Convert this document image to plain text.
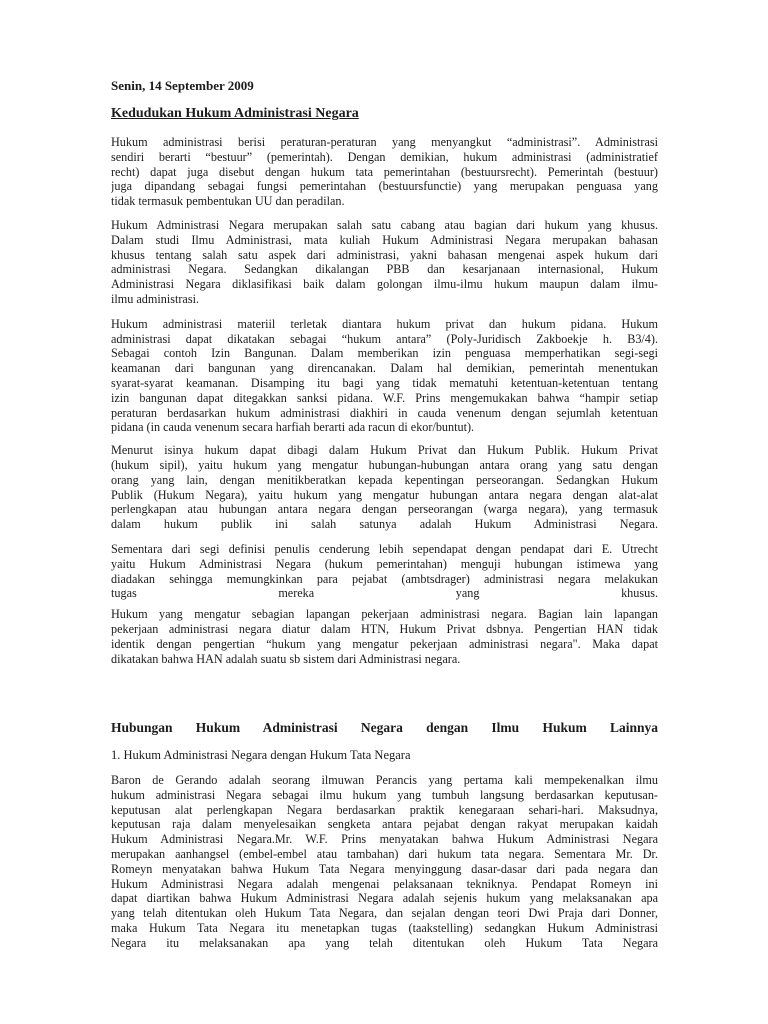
Senin, 14 September 2009
Kedudukan Hukum Administrasi Negara
Hukum administrasi berisi peraturan-peraturan yang menyangkut “administrasi”. Administrasi
sendiri berarti “bestuur” (pemerintah). Dengan demikian, hukum administrasi (administratief
recht) dapat juga disebut dengan hukum tata pemerintahan (bestuursrecht). Pemerintah (bestuur)
juga dipandang sebagai fungsi pemerintahan (bestuursfunctie) yang merupakan penguasa yang
tidak termasuk pembentukan UU dan peradilan.
Hukum Administrasi Negara merupakan salah satu cabang atau bagian dari hukum yang khusus.
Dalam studi Ilmu Administrasi, mata kuliah Hukum Administrasi Negara merupakan bahasan
khusus tentang salah satu aspek dari administrasi, yakni bahasan mengenai aspek hukum dari
administrasi Negara. Sedangkan dikalangan PBB dan kesarjanaan internasional, Hukum
Administrasi Negara diklasifikasi baik dalam golongan ilmu-ilmu hukum maupun dalam ilmu-
ilmu administrasi.
Hukum administrasi materiil terletak diantara hukum privat dan hukum pidana. Hukum
administrasi dapat dikatakan sebagai “hukum antara” (Poly-Juridisch Zakboekje h. B3/4).
Sebagai contoh Izin Bangunan. Dalam memberikan izin penguasa memperhatikan segi-segi
keamanan dari bangunan yang direncanakan. Dalam hal demikian, pemerintah menentukan
syarat-syarat keamanan. Disamping itu bagi yang tidak mematuhi ketentuan-ketentuan tentang
izin bangunan dapat ditegakkan sanksi pidana. W.F. Prins mengemukakan bahwa “hampir setiap
peraturan berdasarkan hukum administrasi diakhiri in cauda venenum dengan sejumlah ketentuan
pidana (in cauda venenum secara harfiah berarti ada racun di ekor/buntut).
Menurut isinya hukum dapat dibagi dalam Hukum Privat dan Hukum Publik. Hukum Privat
(hukum sipil), yaitu hukum yang mengatur hubungan-hubungan antara orang yang satu dengan
orang yang lain, dengan menitikberatkan kepada kepentingan perseorangan. Sedangkan Hukum
Publik (Hukum Negara), yaitu hukum yang mengatur hubungan antara negara dengan alat-alat
perlengkapan atau hubungan antara negara dengan perseorangan (warga negara), yang termasuk
dalam hukum publik ini salah satunya adalah Hukum Administrasi Negara.
Sementara dari segi definisi penulis cenderung lebih sependapat dengan pendapat dari E. Utrecht
yaitu Hukum Administrasi Negara (hukum pemerintahan) menguji hubungan istimewa yang
diadakan sehingga memungkinkan para pejabat (ambtsdrager) administrasi negara melakukan
tugas mereka yang khusus.
Hukum yang mengatur sebagian lapangan pekerjaan administrasi negara. Bagian lain lapangan
pekerjaan administrasi negara diatur dalam HTN, Hukum Privat dsbnya. Pengertian HAN tidak
identik dengan pengertian “hukum yang mengatur pekerjaan administrasi negara". Maka dapat
dikatakan bahwa HAN adalah suatu sb sistem dari Administrasi negara.
Hubungan Hukum Administrasi Negara dengan Ilmu Hukum Lainnya
1. Hukum Administrasi Negara dengan Hukum Tata Negara
Baron de Gerando adalah seorang ilmuwan Perancis yang pertama kali mempekenalkan ilmu
hukum administrasi Negara sebagai ilmu hukum yang tumbuh langsung berdasarkan keputusan-
keputusan alat perlengkapan Negara berdasarkan praktik kenegaraan sehari-hari. Maksudnya,
keputusan raja dalam menyelesaikan sengketa antara pejabat dengan rakyat merupakan kaidah
Hukum Administrasi Negara.Mr. W.F. Prins menyatakan bahwa Hukum Administrasi Negara
merupakan aanhangsel (embel-embel atau tambahan) dari hukum tata negara. Sementara Mr. Dr.
Romeyn menyatakan bahwa Hukum Tata Negara menyinggung dasar-dasar dari pada negara dan
Hukum Administrasi Negara adalah mengenai pelaksanaan tekniknya. Pendapat Romeyn ini
dapat diartikan bahwa Hukum Administrasi Negara adalah sejenis hukum yang melaksanakan apa
yang telah ditentukan oleh Hukum Tata Negara, dan sejalan dengan teori Dwi Praja dari Donner,
maka Hukum Tata Negara itu menetapkan tugas (taakstelling) sedangkan Hukum Administrasi
Negara itu melaksanakan apa yang telah ditentukan oleh Hukum Tata Negara
